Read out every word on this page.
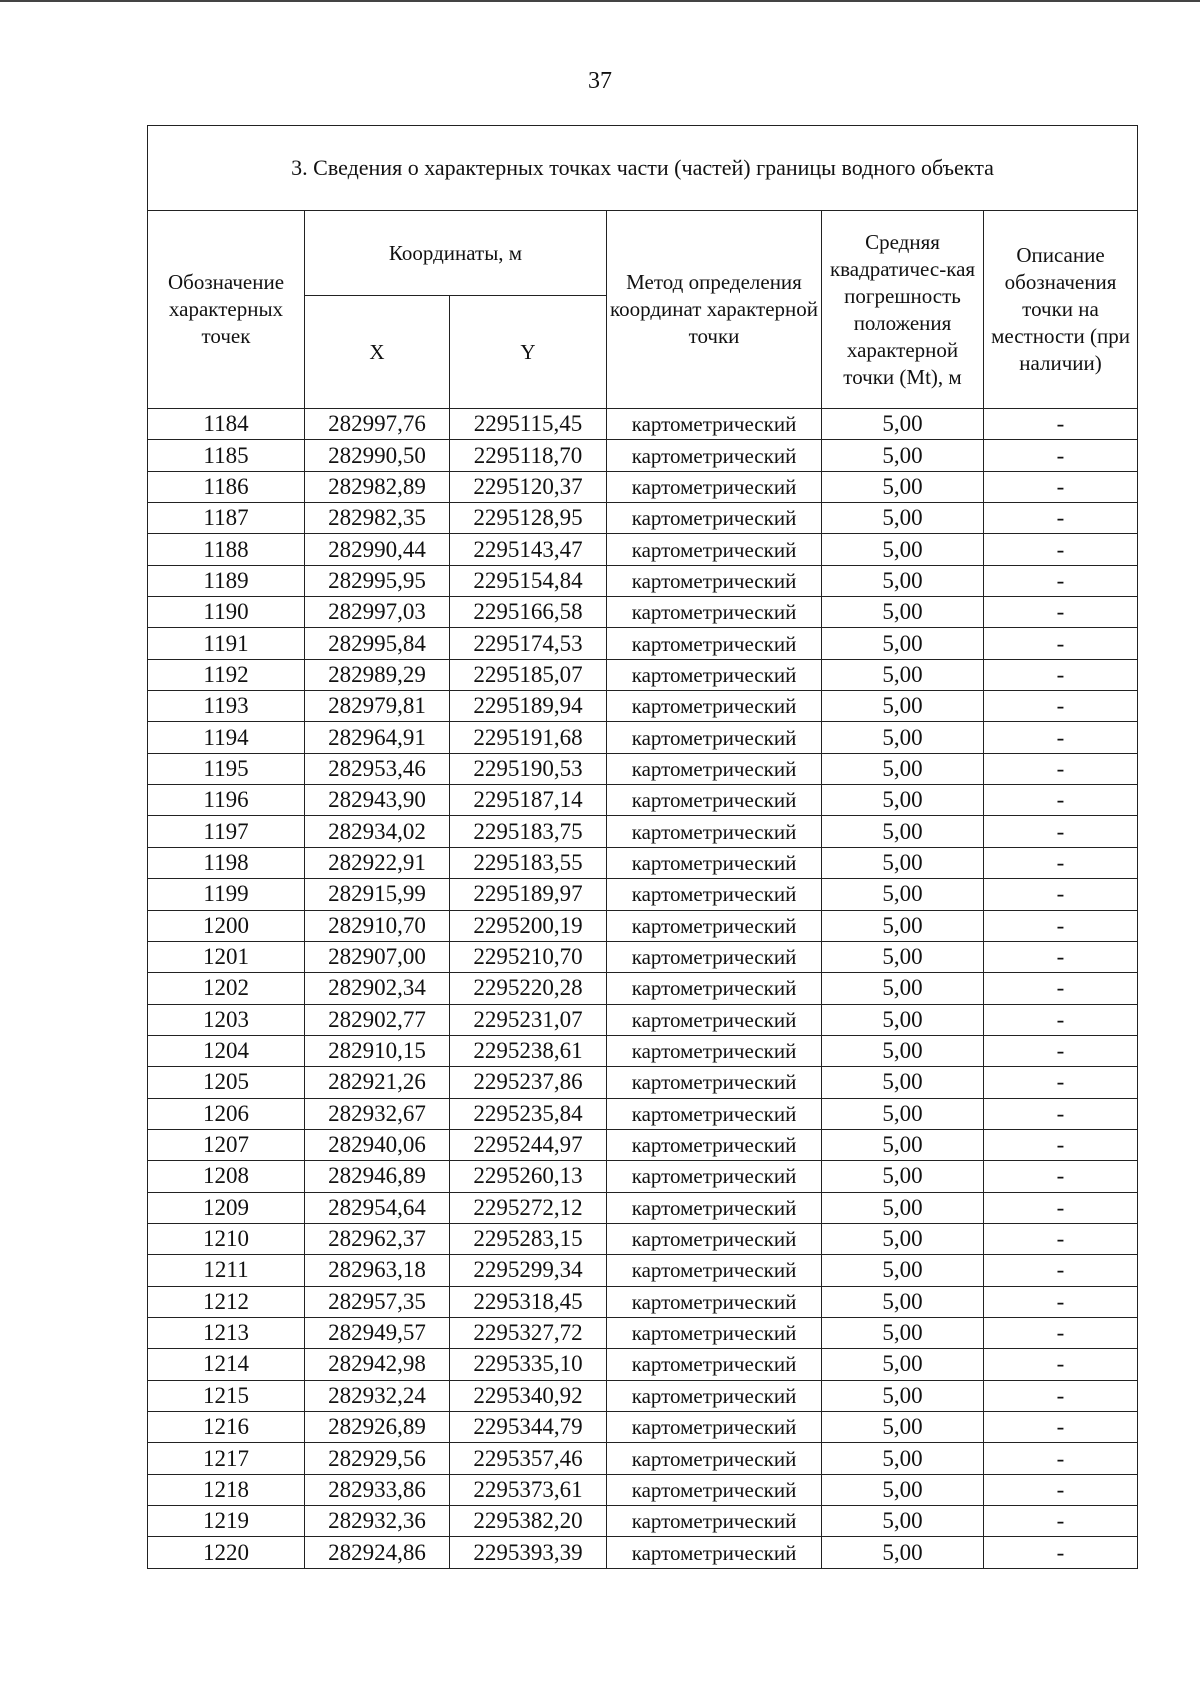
37
3. Сведения о характерных точках части (частей) границы водного объекта					
Обозначение характерных точек	Координаты, м		Метод определения координат характерной точки	Средняя квадратичес-кая погрешность положения характерной точки (Mt), м	Описание обозначения точки на местности (при наличии)
	X	Y			
1184	282997,76	2295115,45	картометрический	5,00	-
1185	282990,50	2295118,70	картометрический	5,00	-
1186	282982,89	2295120,37	картометрический	5,00	-
1187	282982,35	2295128,95	картометрический	5,00	-
1188	282990,44	2295143,47	картометрический	5,00	-
1189	282995,95	2295154,84	картометрический	5,00	-
1190	282997,03	2295166,58	картометрический	5,00	-
1191	282995,84	2295174,53	картометрический	5,00	-
1192	282989,29	2295185,07	картометрический	5,00	-
1193	282979,81	2295189,94	картометрический	5,00	-
1194	282964,91	2295191,68	картометрический	5,00	-
1195	282953,46	2295190,53	картометрический	5,00	-
1196	282943,90	2295187,14	картометрический	5,00	-
1197	282934,02	2295183,75	картометрический	5,00	-
1198	282922,91	2295183,55	картометрический	5,00	-
1199	282915,99	2295189,97	картометрический	5,00	-
1200	282910,70	2295200,19	картометрический	5,00	-
1201	282907,00	2295210,70	картометрический	5,00	-
1202	282902,34	2295220,28	картометрический	5,00	-
1203	282902,77	2295231,07	картометрический	5,00	-
1204	282910,15	2295238,61	картометрический	5,00	-
1205	282921,26	2295237,86	картометрический	5,00	-
1206	282932,67	2295235,84	картометрический	5,00	-
1207	282940,06	2295244,97	картометрический	5,00	-
1208	282946,89	2295260,13	картометрический	5,00	-
1209	282954,64	2295272,12	картометрический	5,00	-
1210	282962,37	2295283,15	картометрический	5,00	-
1211	282963,18	2295299,34	картометрический	5,00	-
1212	282957,35	2295318,45	картометрический	5,00	-
1213	282949,57	2295327,72	картометрический	5,00	-
1214	282942,98	2295335,10	картометрический	5,00	-
1215	282932,24	2295340,92	картометрический	5,00	-
1216	282926,89	2295344,79	картометрический	5,00	-
1217	282929,56	2295357,46	картометрический	5,00	-
1218	282933,86	2295373,61	картометрический	5,00	-
1219	282932,36	2295382,20	картометрический	5,00	-
1220	282924,86	2295393,39	картометрический	5,00	-
